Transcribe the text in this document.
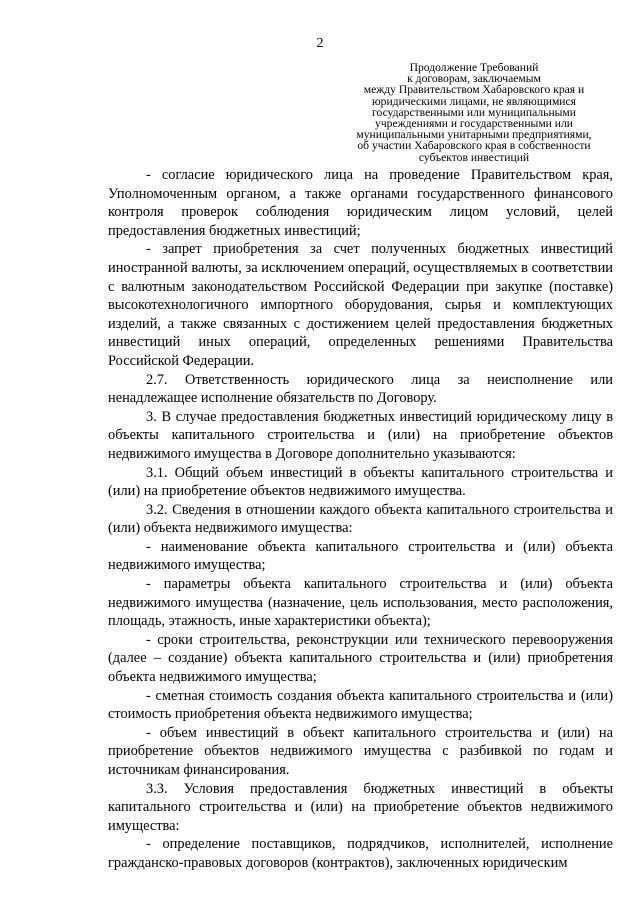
2
Продолжение Требований
к договорам, заключаемым
между Правительством Хабаровского края и
юридическими лицами, не являющимися
государственными или муниципальными
учреждениями и государственными или
муниципальными унитарными предприятиями,
об участии Хабаровского края в собственности
субъектов инвестиций

- согласие юридического лица на проведение Правительством края, Уполномоченным органом, а также органами государственного финансового контроля проверок соблюдения юридическим лицом условий, целей предоставления бюджетных инвестиций;

- запрет приобретения за счет полученных бюджетных инвестиций иностранной валюты, за исключением операций, осуществляемых в соответствии с валютным законодательством Российской Федерации при закупке (поставке) высокотехнологичного импортного оборудования, сырья и комплектующих изделий, а также связанных с достижением целей предоставления бюджетных инвестиций иных операций, определенных решениями Правительства Российской Федерации.

2.7. Ответственность юридического лица за неисполнение или ненадлежащее исполнение обязательств по Договору.

3. В случае предоставления бюджетных инвестиций юридическому лицу в объекты капитального строительства и (или) на приобретение объектов недвижимого имущества в Договоре дополнительно указываются:

3.1. Общий объем инвестиций в объекты капитального строительства и (или) на приобретение объектов недвижимого имущества.

3.2. Сведения в отношении каждого объекта капитального строительства и (или) объекта недвижимого имущества:

- наименование объекта капитального строительства и (или) объекта недвижимого имущества;

- параметры объекта капитального строительства и (или) объекта недвижимого имущества (назначение, цель использования, место расположения, площадь, этажность, иные характеристики объекта);

- сроки строительства, реконструкции или технического перевооружения (далее – создание) объекта капитального строительства и (или) приобретения объекта недвижимого имущества;

- сметная стоимость создания объекта капитального строительства и (или) стоимость приобретения объекта недвижимого имущества;

- объем инвестиций в объект капитального строительства и (или) на приобретение объектов недвижимого имущества с разбивкой по годам и источникам финансирования.

3.3. Условия предоставления бюджетных инвестиций в объекты капитального строительства и (или) на приобретение объектов недвижимого имущества:

- определение поставщиков, подрядчиков, исполнителей, исполнение гражданско-правовых договоров (контрактов), заключенных юридическим
